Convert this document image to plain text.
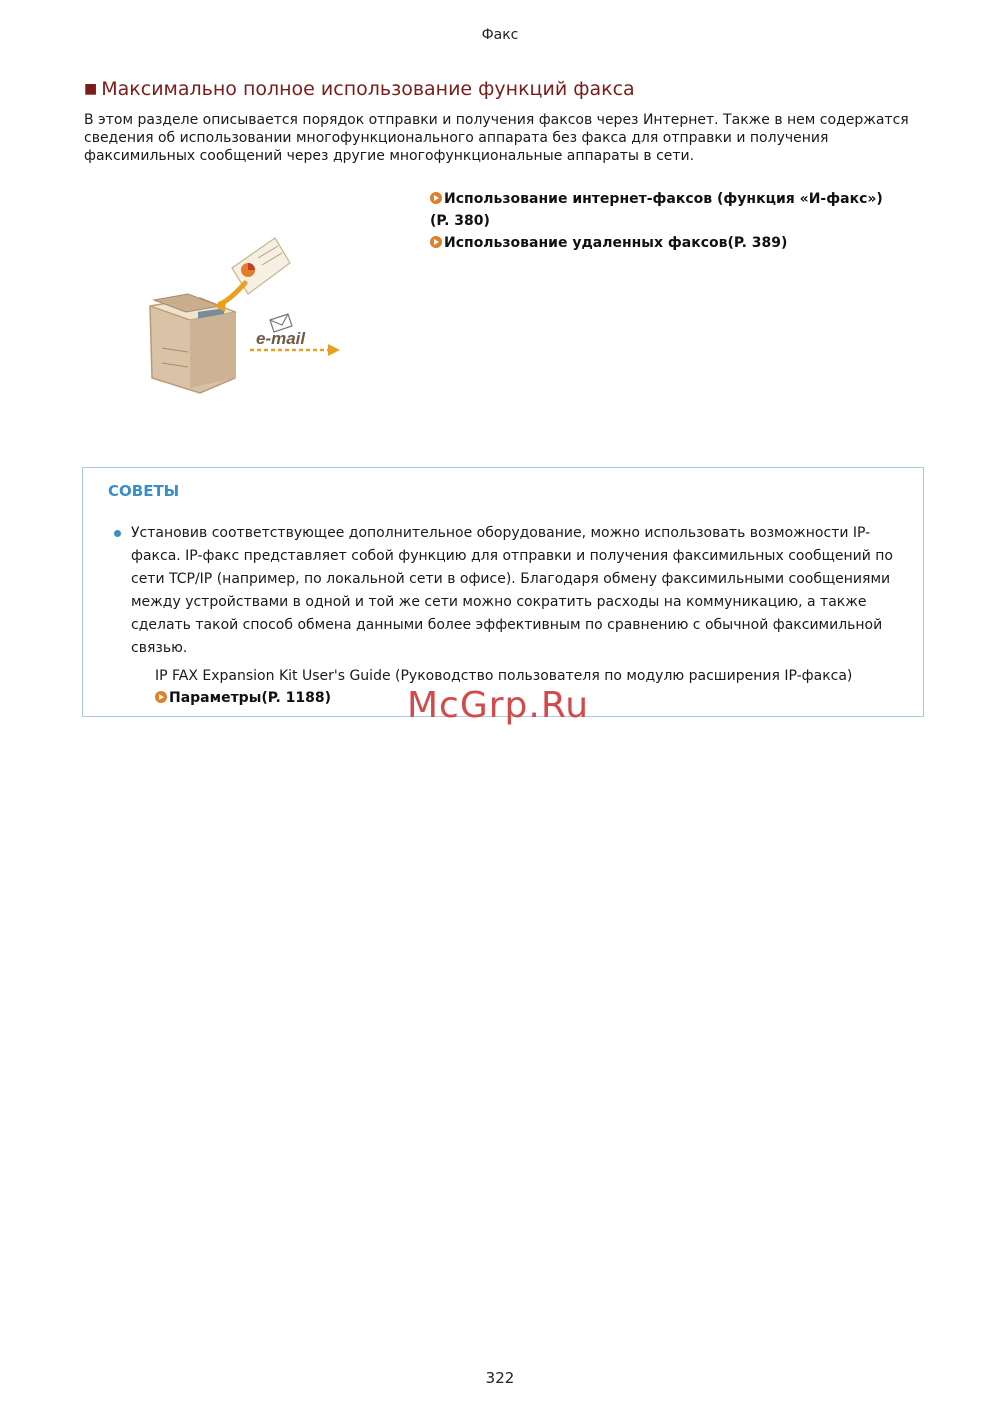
Факс
■ Максимально полное использование функций факса

В этом разделе описывается порядок отправки и получения факсов через Интернет. Также в нем содержатся сведения об использовании многофункционального аппарата без факса для отправки и получения факсимильных сообщений через другие многофункциональные аппараты в сети.

e-mail
Использование интернет-факсов (функция «И-факс»)
(P. 380)
Использование удаленных факсов(P. 389)
СОВЕТЫ

Установив соответствующее дополнительное оборудование, можно использовать возможности IP-факса. IP-факс представляет собой функцию для отправки и получения факсимильных сообщений по сети TCP/IP (например, по локальной сети в офисе). Благодаря обмену факсимильными сообщениями между устройствами в одной и той же сети можно сократить расходы на коммуникацию, а также сделать такой способ обмена данными более эффективным по сравнению с обычной факсимильной связью.

IP FAX Expansion Kit User's Guide (Руководство пользователя по модулю расширения IP-факса)

Параметры(P. 1188) McGrp.Ru
322
